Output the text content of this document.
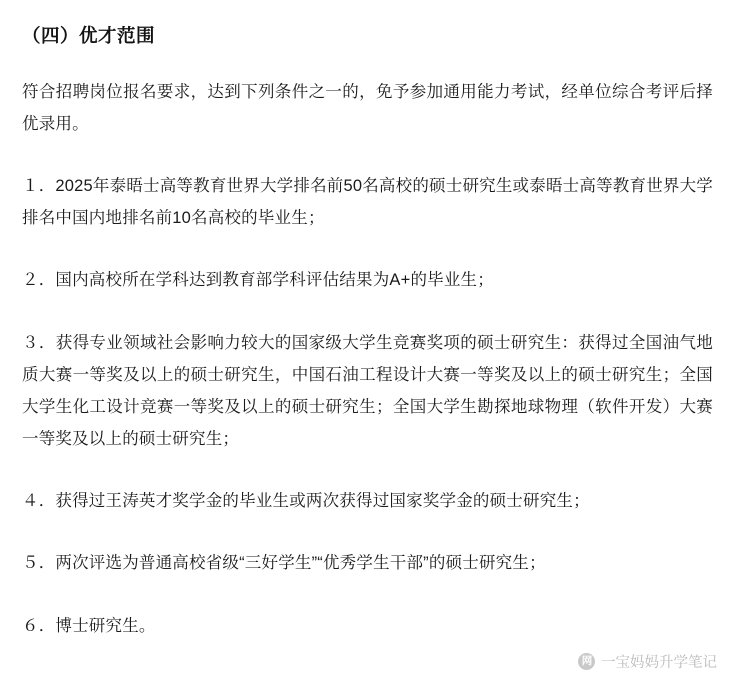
（四）优才范围

符合招聘岗位报名要求，达到下列条件之一的，免予参加通用能力考试，经单位综合考评后择优录用。

１．2025年泰晤士高等教育世界大学排名前50名高校的硕士研究生或泰晤士高等教育世界大学排名中国内地排名前10名高校的毕业生；

２．国内高校所在学科达到教育部学科评估结果为A+的毕业生；

３．获得专业领域社会影响力较大的国家级大学生竞赛奖项的硕士研究生：获得过全国油气地质大赛一等奖及以上的硕士研究生，中国石油工程设计大赛一等奖及以上的硕士研究生；全国大学生化工设计竞赛一等奖及以上的硕士研究生；全国大学生勘探地球物理（软件开发）大赛一等奖及以上的硕士研究生；

４．获得过王涛英才奖学金的毕业生或两次获得过国家奖学金的硕士研究生；

５．两次评选为普通高校省级“三好学生”“优秀学生干部”的硕士研究生；

６．博士研究生。

网易
一宝妈妈升学笔记
